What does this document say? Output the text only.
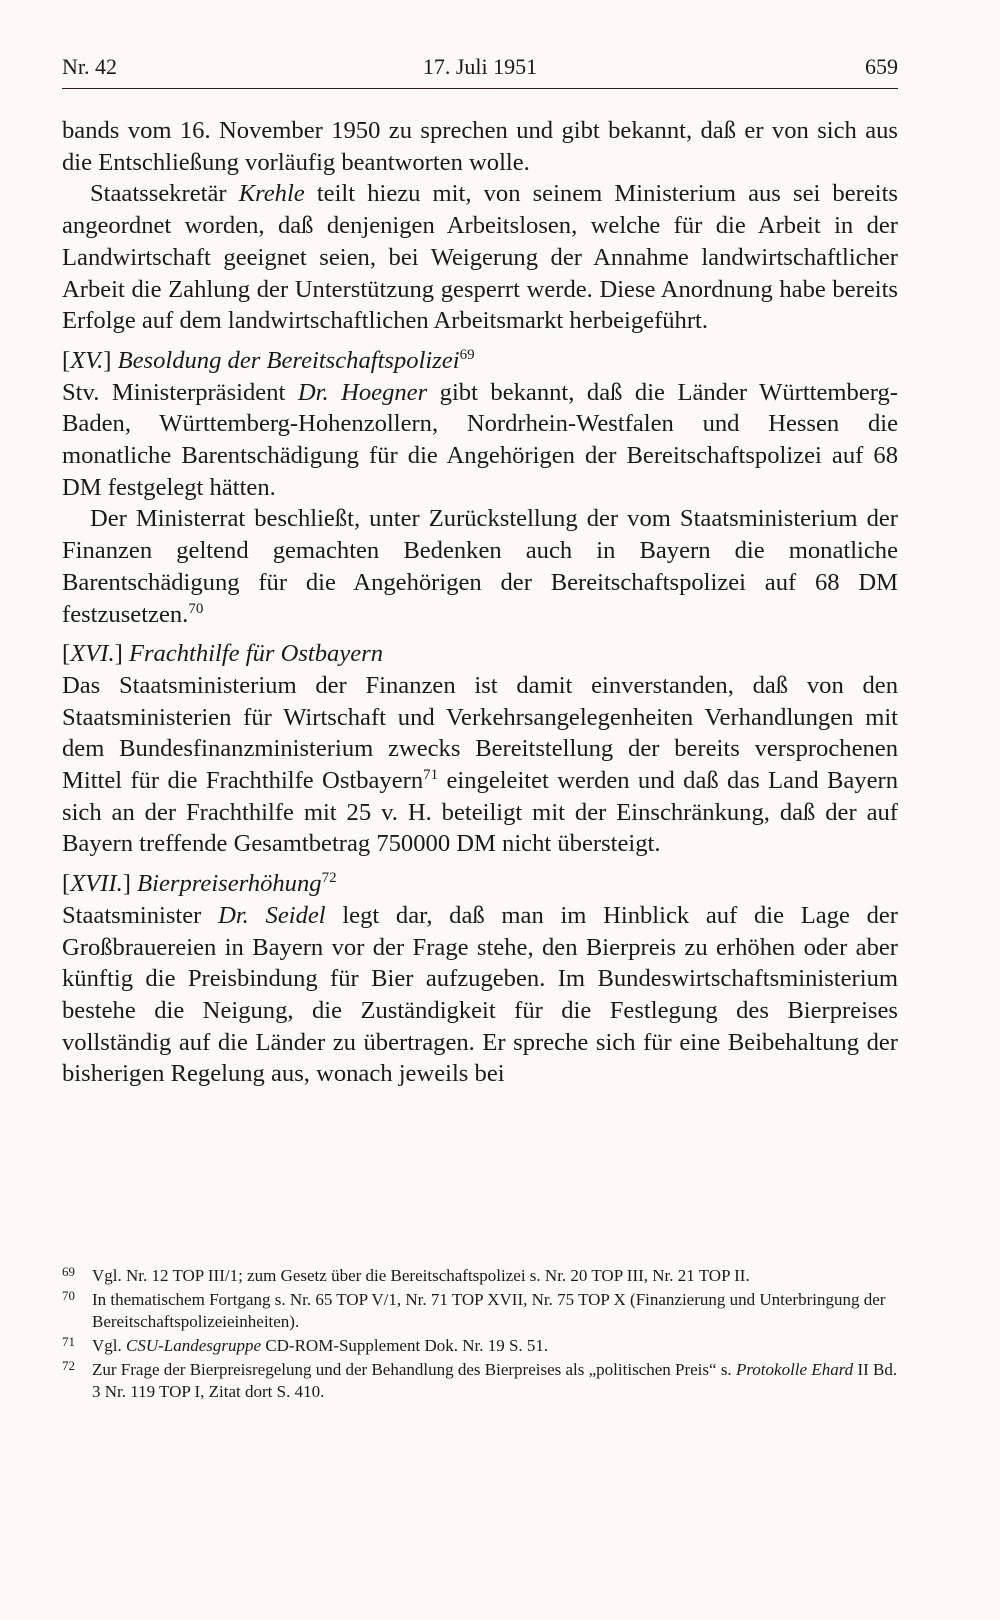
Nr. 42	17. Juli 1951	659

bands vom 16. November 1950 zu sprechen und gibt bekannt, daß er von sich aus die Entschließung vorläufig beantworten wolle.

Staatssekretär Krehle teilt hiezu mit, von seinem Ministerium aus sei bereits angeordnet worden, daß denjenigen Arbeitslosen, welche für die Arbeit in der Landwirtschaft geeignet seien, bei Weigerung der Annahme landwirtschaftlicher Arbeit die Zahlung der Unterstützung gesperrt werde. Diese Anordnung habe bereits Erfolge auf dem landwirtschaftlichen Arbeitsmarkt herbeigeführt.

[XV.] Besoldung der Bereitschaftspolizei$^{69}$

Stv. Ministerpräsident Dr. Hoegner gibt bekannt, daß die Länder Württemberg-Baden, Württemberg-Hohenzollern, Nordrhein-Westfalen und Hessen die monatliche Barentschädigung für die Angehörigen der Bereitschaftspolizei auf 68 DM festgelegt hätten.

Der Ministerrat beschließt, unter Zurückstellung der vom Staatsministerium der Finanzen geltend gemachten Bedenken auch in Bayern die monatliche Barentschädigung für die Angehörigen der Bereitschaftspolizei auf 68 DM festzusetzen.$^{70}$

[XVI.] Frachthilfe für Ostbayern

Das Staatsministerium der Finanzen ist damit einverstanden, daß von den Staatsministerien für Wirtschaft und Verkehrsangelegenheiten Verhandlungen mit dem Bundesfinanzministerium zwecks Bereitstellung der bereits versprochenen Mittel für die Frachthilfe Ostbayern$^{71}$ eingeleitet werden und daß das Land Bayern sich an der Frachthilfe mit 25 v. H. beteiligt mit der Einschränkung, daß der auf Bayern treffende Gesamtbetrag 750000 DM nicht übersteigt.

[XVII.] Bierpreiserhöhung$^{72}$

Staatsminister Dr. Seidel legt dar, daß man im Hinblick auf die Lage der Großbrauereien in Bayern vor der Frage stehe, den Bierpreis zu erhöhen oder aber künftig die Preisbindung für Bier aufzugeben. Im Bundeswirtschaftsministerium bestehe die Neigung, die Zuständigkeit für die Festlegung des Bierpreises vollständig auf die Länder zu übertragen. Er spreche sich für eine Beibehaltung der bisherigen Regelung aus, wonach jeweils bei

69 Vgl. Nr. 12 TOP III/1; zum Gesetz über die Bereitschaftspolizei s. Nr. 20 TOP III, Nr. 21 TOP II.

70 In thematischem Fortgang s. Nr. 65 TOP V/1, Nr. 71 TOP XVII, Nr. 75 TOP X (Finanzierung und Unterbringung der Bereitschaftspolizeieinheiten).

71 Vgl. CSU-Landesgruppe CD-ROM-Supplement Dok. Nr. 19 S. 51.

72 Zur Frage der Bierpreisregelung und der Behandlung des Bierpreises als „politischen Preis“ s. Protokolle Ehard II Bd. 3 Nr. 119 TOP I, Zitat dort S. 410.
